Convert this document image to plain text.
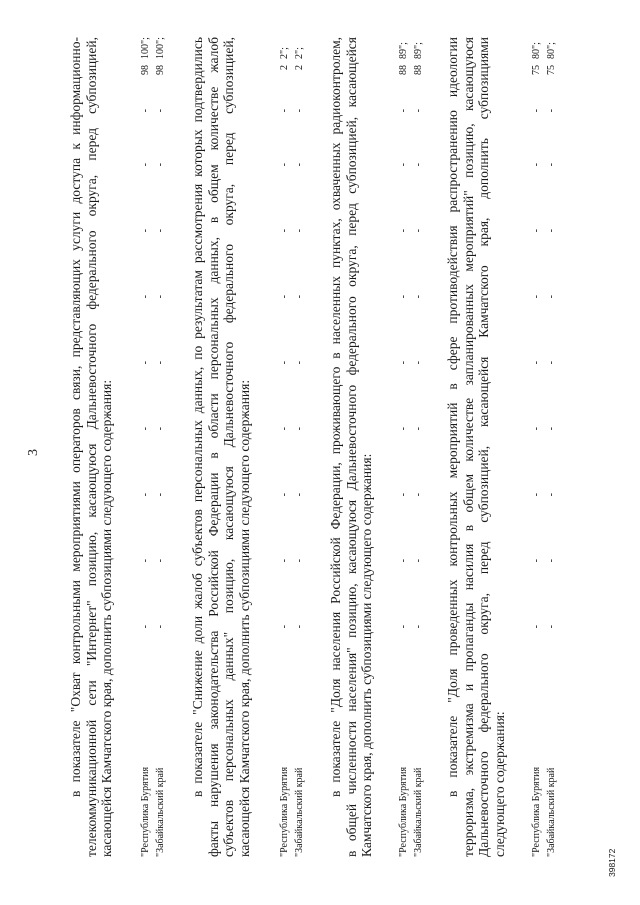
3 в показателе "Охват контрольными мероприятиями операторов связи, представляющих услуги доступа к информационно- телекоммуникационной сети "Интернет" позицию, касающуюся Дальневосточного федерального округа, перед субпозицией, касающейся Камчатского края, дополнить субпозициями следующего содержания:	"Республика Бурятия
-
-
-
-
-
-
-
-
-
98
100";
"Забайкальский край
-
-
-
-
-
-
-
-
-
98
100"; в показателе "Снижение доли жалоб субъектов персональных данных, по результатам рассмотрения которых подтвердились факты нарушения законодательства Российской Федерации в области персональных данных, в общем количестве жалоб субъектов персональных данных" позицию, касающуюся Дальневосточного федерального округа, перед субпозицией, касающейся Камчатского края, дополнить субпозициями следующего содержания:	"Республика Бурятия
-
-
-
-
-
-
-
-
-
2
2";
"Забайкальский край
-
-
-
-
-
-
-
-
-
2
2"; в показателе "Доля населения Российской Федерации, проживающего в населенных пунктах, охваченных радиоконтролем, в общей численности населения" позицию, касающуюся Дальневосточного федерального округа, перед субпозицией, касающейся Камчатского края, дополнить субпозициями следующего содержания: "Республика Бурятия
-
-
-
-
-
-
-
-
-
88
89";
"Забайкальский край
-
-
-
-
-
-
-
-
-
88
89"; в показателе "Доля проведенных контрольных мероприятий в сфере противодействия распространению идеологии терроризма, экстремизма и пропаганды насилия в общем количестве запланированных мероприятий" позицию, касающуюся Дальневосточного федерального округа, перед субпозицией, касающейся Камчатского края, дополнить субпозициями следующего содержания: "Республика Бурятия
-
-
-
-
-
-
-
-
-
75
80";
"Забайкальский край
-
-
-
-
-
-
-
-
-
75
80";
398172
